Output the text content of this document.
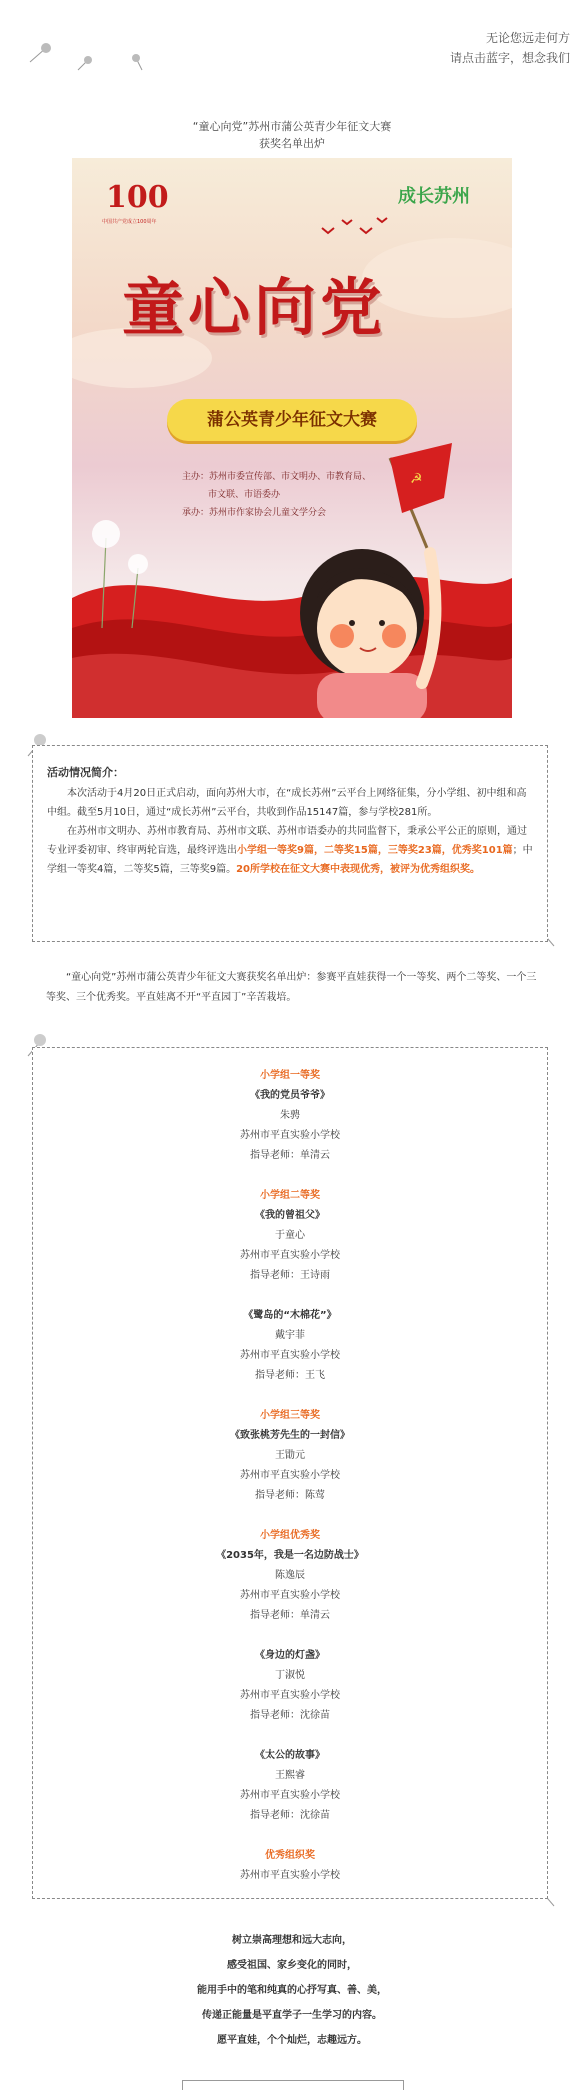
无论您远走何方
请点击蓝字，想念我们
“童心向党”苏州市蒲公英青少年征文大赛
获奖名单出炉
☭
100
中国共产党成立100周年
成长苏州
童心向党
蒲公英青少年征文大赛
主办：苏州市委宣传部、市文明办、市教育局、
市文联、市语委办
承办：苏州市作家协会儿童文学分会
活动情况简介：

本次活动于4月20日正式启动，面向苏州大市，在“成长苏州”云平台上网络征集，分小学组、初中组和高中组。截至5月10日，通过“成长苏州”云平台，共收到作品15147篇，参与学校281所。

在苏州市文明办、苏州市教育局、苏州市文联、苏州市语委办的共同监督下，秉承公平公正的原则，通过专业评委初审、终审两轮盲选，最终评选出小学组一等奖9篇，二等奖15篇，三等奖23篇，优秀奖101篇；中学组一等奖4篇，二等奖5篇，三等奖9篇。20所学校在征文大赛中表现优秀，被评为优秀组织奖。

“童心向党”苏州市蒲公英青少年征文大赛获奖名单出炉：参赛平直娃获得一个一等奖、两个二等奖、一个三等奖、三个优秀奖。平直娃离不开“平直园丁”辛苦栽培。
小学组一等奖
《我的党员爷爷》
朱骋
苏州市平直实验小学校
指导老师：单清云
小学组二等奖
《我的曾祖父》
于童心
苏州市平直实验小学校
指导老师：王诗雨
《鹭岛的“木棉花”》
戴宇菲
苏州市平直实验小学校
指导老师：王飞
小学组三等奖
《致张桃芳先生的一封信》
王勖元
苏州市平直实验小学校
指导老师：陈莺
小学组优秀奖
《2035年，我是一名边防战士》
陈逸辰
苏州市平直实验小学校
指导老师：单清云
《身边的灯盏》
丁淑悦
苏州市平直实验小学校
指导老师：沈徐苗
《太公的故事》
王熙睿
苏州市平直实验小学校
指导老师：沈徐苗
优秀组织奖
苏州市平直实验小学校
树立崇高理想和远大志向，
感受祖国、家乡变化的同时，
能用手中的笔和纯真的心抒写真、善、美，
传递正能量是平直学子一生学习的内容。
愿平直娃，个个灿烂，志趣远方。
